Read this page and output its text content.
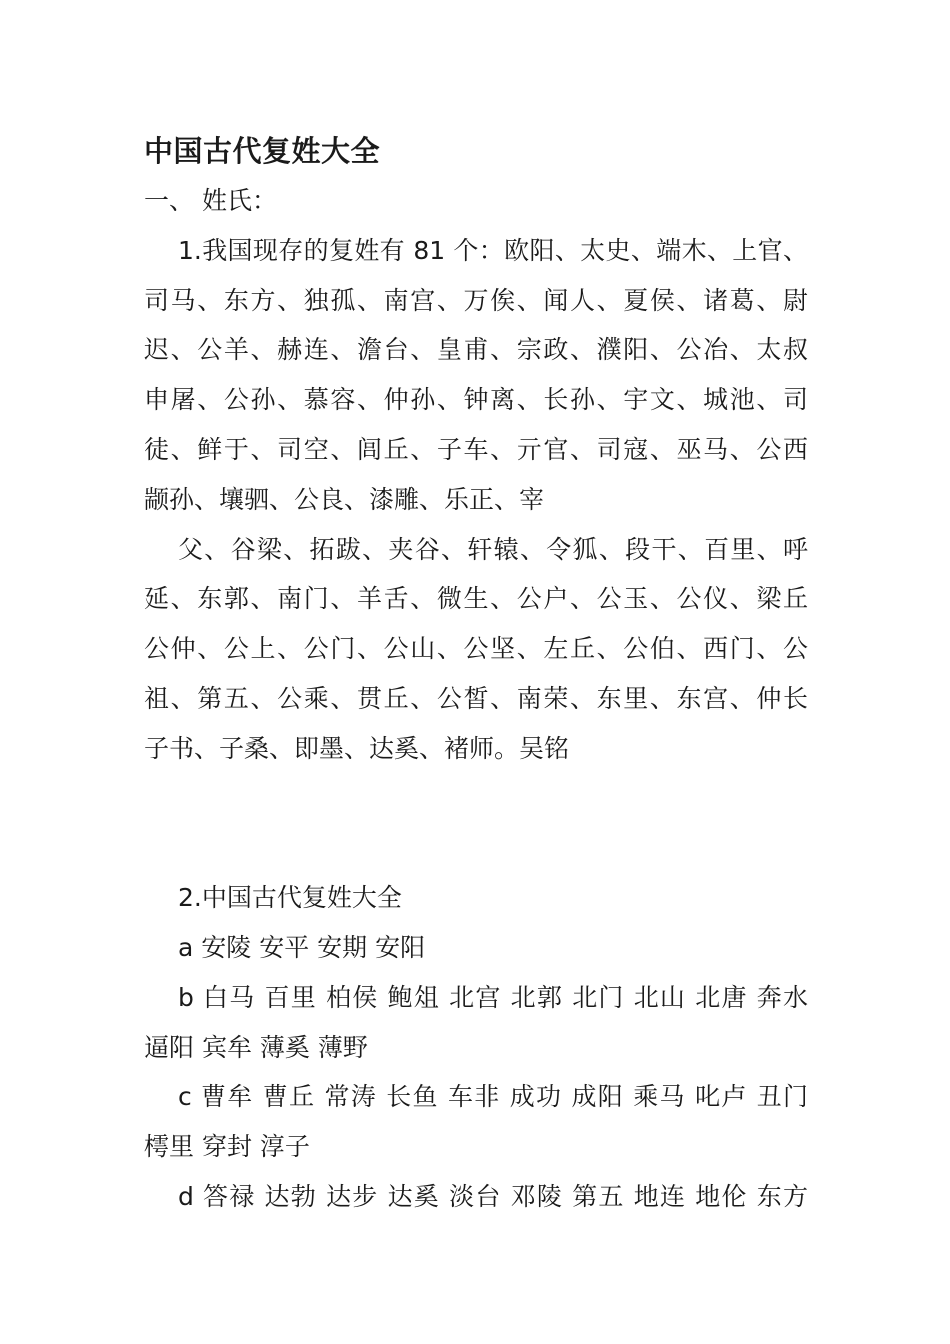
中国古代复姓大全
一、 姓氏：
1.我国现存的复姓有 81 个：欧阳、太史、端木、上官、
司马、东方、独孤、南宫、万俟、闻人、夏侯、诸葛、尉
迟、公羊、赫连、澹台、皇甫、宗政、濮阳、公冶、太叔
申屠、公孙、慕容、仲孙、钟离、长孙、宇文、城池、司
徒、鲜于、司空、闾丘、子车、亓官、司寇、巫马、公西
颛孙、壤驷、公良、漆雕、乐正、宰
父、谷梁、拓跋、夹谷、轩辕、令狐、段干、百里、呼
延、东郭、南门、羊舌、微生、公户、公玉、公仪、梁丘
公仲、公上、公门、公山、公坚、左丘、公伯、西门、公
祖、第五、公乘、贯丘、公皙、南荣、东里、东宫、仲长
子书、子桑、即墨、达奚、褚师。吴铭
2.中国古代复姓大全
a 安陵 安平 安期 安阳
b 白马 百里 柏侯 鲍俎 北宫 北郭 北门 北山 北唐 奔水
逼阳 宾牟 薄奚 薄野
c 曹牟 曹丘 常涛 长鱼 车非 成功 成阳 乘马 叱卢 丑门
樗里 穿封 淳子
d 答禄 达勃 达步 达奚 淡台 邓陵 第五 地连 地伦 东方
